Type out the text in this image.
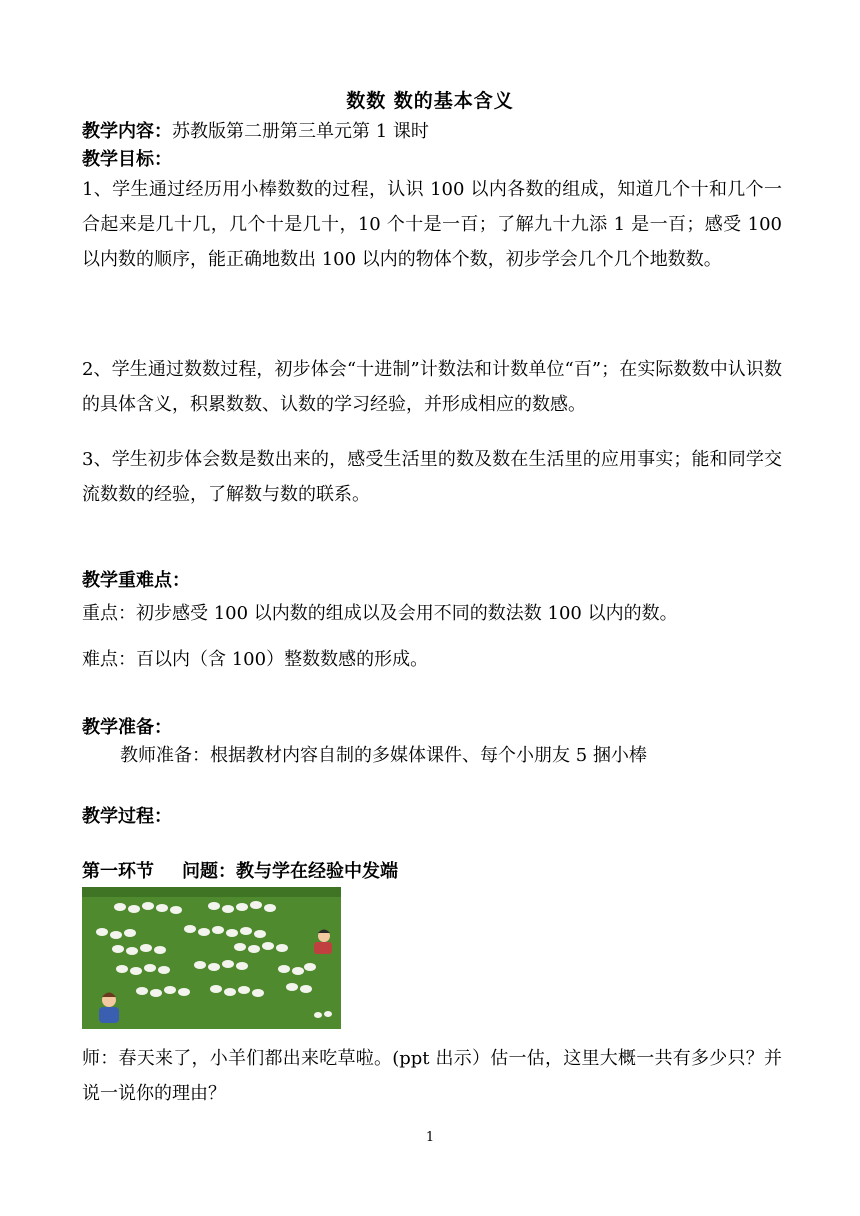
数数 数的基本含义
教学内容：苏教版第二册第三单元第 1 课时
教学目标：
1、学生通过经历用小棒数数的过程，认识 100 以内各数的组成，知道几个十和几个一合起来是几十几，几个十是几十，10 个十是一百；了解九十九添 1 是一百；感受 100 以内数的顺序，能正确地数出 100 以内的物体个数，初步学会几个几个地数数。
2、学生通过数数过程，初步体会“十进制”计数法和计数单位“百”；在实际数数中认识数的具体含义，积累数数、认数的学习经验，并形成相应的数感。
3、学生初步体会数是数出来的，感受生活里的数及数在生活里的应用事实；能和同学交流数数的经验，了解数与数的联系。
教学重难点：
重点：初步感受 100 以内数的组成以及会用不同的数法数 100 以内的数。
难点：百以内（含 100）整数数感的形成。
教学准备：
教师准备：根据教材内容自制的多媒体课件、每个小朋友 5 捆小棒
教学过程：
第一环节 问题：教与学在经验中发端
师：春天来了，小羊们都出来吃草啦。(ppt 出示）估一估，这里大概一共有多少只？并说一说你的理由？
1
